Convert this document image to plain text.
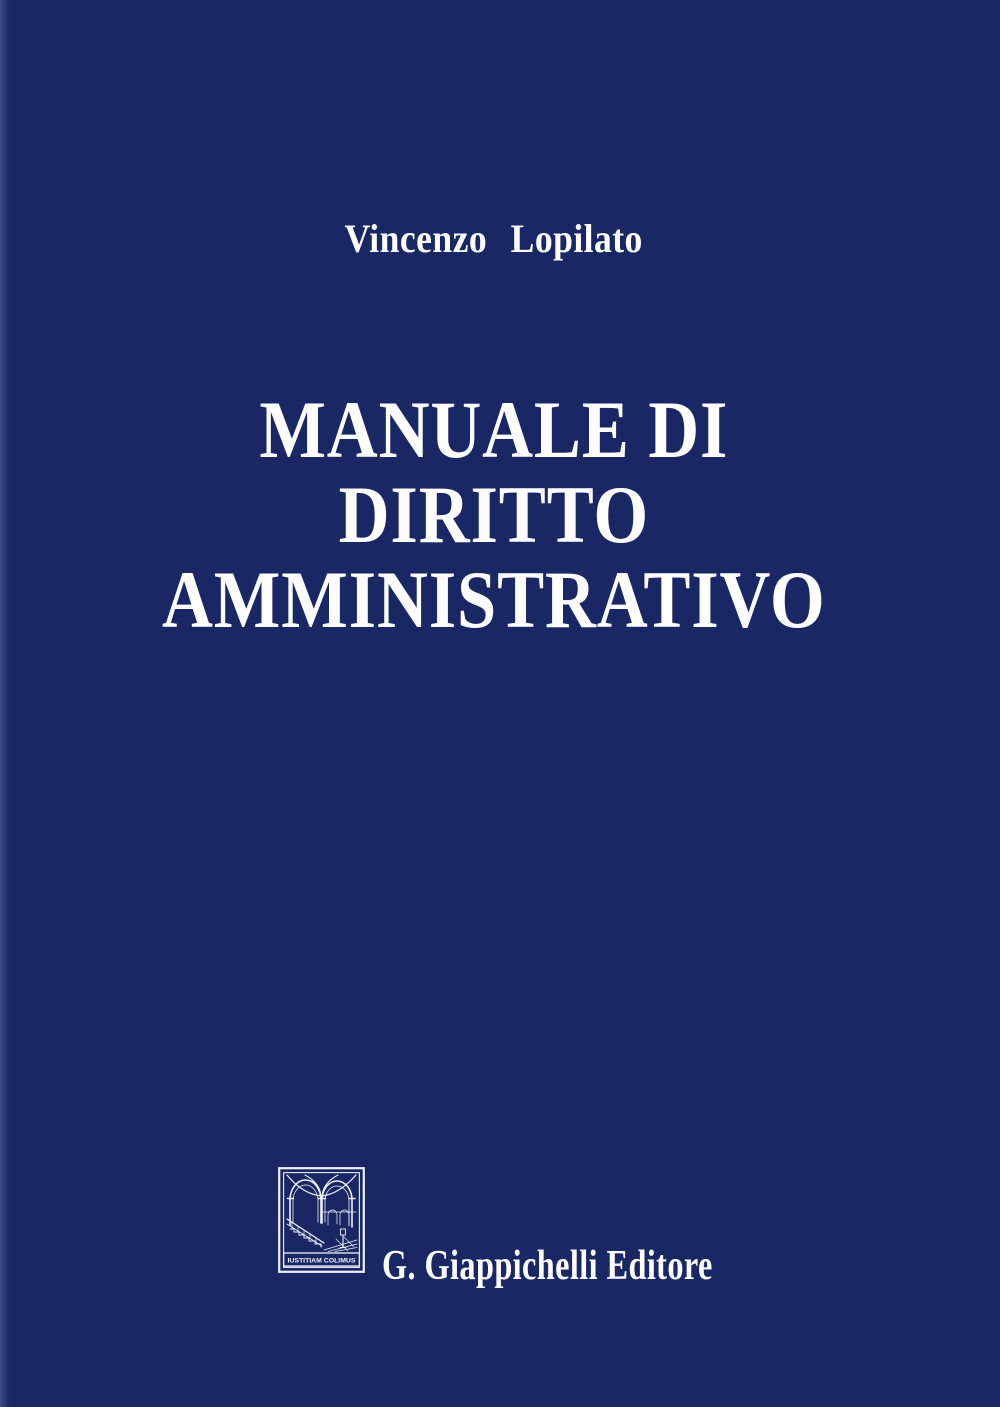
Vincenzo Lopilato
MANUALE DI
DIRITTO
AMMINISTRATIVO
IUSTITIAM COLIMUS G. Giappichelli Editore
